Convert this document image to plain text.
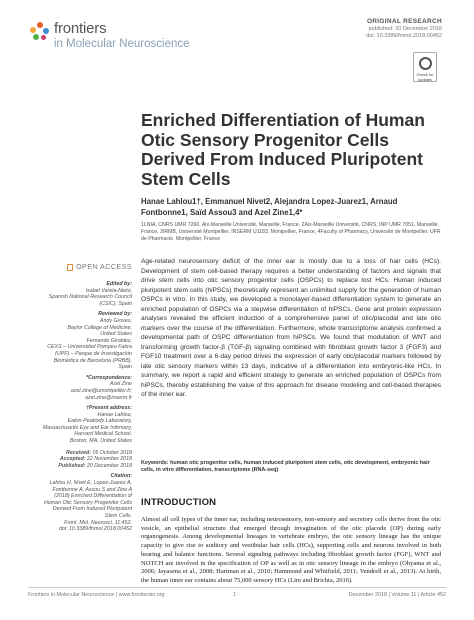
frontiers
in Molecular Neuroscience
ORIGINAL RESEARCH
published: 20 December 2018
doi: 10.3389/fnmol.2018.00452
Check for updates
Enriched Differentiation of Human Otic Sensory Progenitor Cells Derived From Induced Pluripotent Stem Cells
Hanae Lahlou1†, Emmanuel Nivet2, Alejandra Lopez-Juarez1, Arnaud Fontbonne1, Saïd Assou3 and Azel Zine1,4*
1LNIA, CNRS UMR 7260, Aix-Marseille Université, Marseille, France, 2Aix-Marseille Université, CNRS, INP UMR 7051, Marseille, France, 3IRMB, Université Montpellier, INSERM U1183, Montpellier, France, 4Faculty of Pharmacy, Université de Montpellier, UFR de Pharmacie, Montpellier, France
OPEN ACCESS
Edited by:
Isabel Varela-Nieto,
Spanish National Research Council
(CSIC), Spain
Reviewed by:
Andy Groves,
Baylor College of Medicine,
United States
Fernando Giraldez,
CEXS – Universidad Pompeu Fabra
(UPF) – Parque de Investigación
Biomédica de Barcelona (PRBB),
Spain
*Correspondence:
Azel Zine
azel.zine@umontpellier.fr;
azel.zine@inserm.fr
†Present address:
Hanae Lahlou,
Eaton-Peabody Laboratory,
Massachusetts Eye and Ear Infirmary,
Harvard Medical School,
Boston, MA, United States
Received: 05 October 2018
Accepted: 22 November 2018
Published: 20 December 2018
Citation:
Lahlou H, Nivet E, Lopez-Juarez A,
Fontbonne A, Assou S and Zine A
(2018) Enriched Differentiation of
Human Otic Sensory Progenitor Cells
Derived From Induced Pluripotent
Stem Cells.
Front. Mol. Neurosci. 11:452.
doi: 10.3389/fnmol.2018.00452

Age-related neurosensory deficit of the inner ear is mostly due to a loss of hair cells (HCs). Development of stem cell-based therapy requires a better understanding of factors and signals that drive stem cells into otic sensory progenitor cells (OSPCs) to replace lost HCs. Human induced pluripotent stem cells (hiPSCs) theoretically represent an unlimited supply for the generation of human OSPCs in vitro. In this study, we developed a monolayer-based differentiation system to generate an enriched population of OSPCs via a stepwise differentiation of hiPSCs. Gene and protein expression analyses revealed the efficient induction of a comprehensive panel of otic/placodal and late otic markers over the course of the differentiation. Furthermore, whole transcriptome analysis confirmed a developmental path of OSPC differentiation from hiPSCs. We found that modulation of WNT and transforming growth factor-β (TGF-β) signaling combined with fibroblast growth factor 3 (FGF3) and FGF10 treatment over a 6-day period drives the expression of early otic/placodal markers followed by late otic sensory markers within 13 days, indicative of a differentiation into embryonic-like HCs. In summary, we report a rapid and efficient strategy to generate an enriched population of OSPCs from hiPSCs, thereby establishing the value of this approach for disease modeling and cell-based therapies of the inner ear.

Keywords: human otic progenitor cells, human induced pluripotent stem cells, otic development, embryonic hair cells, in vitro differentiation, transcriptome (RNA-seq)
INTRODUCTION

Almost all cell types of the inner ear, including neurosensory, non-sensory and secretory cells derive from the otic vesicle, an epithelial structure that emerged through invagination of the otic placode (OP) during early organogenesis. Among developmental lineages in vertebrate embryo, the otic sensory lineage has the unique capacity to give rise to auditory and vestibular hair cells (HCs), supporting cells and neurons involved in both hearing and balance functions. Several signaling pathways including fibroblast growth factor (FGF), WNT and NOTCH are involved in the specification of OP as well as in otic sensory lineage in the embryo (Ohyama et al., 2006; Jayasena et al., 2008; Hartman et al., 2010; Hammond and Whitfield, 2011; Vendrell et al., 2013). At birth, the human inner ear contains about 75,000 sensory HCs (Lim and Brichta, 2016).

Frontiers in Molecular Neuroscience | www.frontiersin.org	1	December 2018 | Volume 11 | Article 452
